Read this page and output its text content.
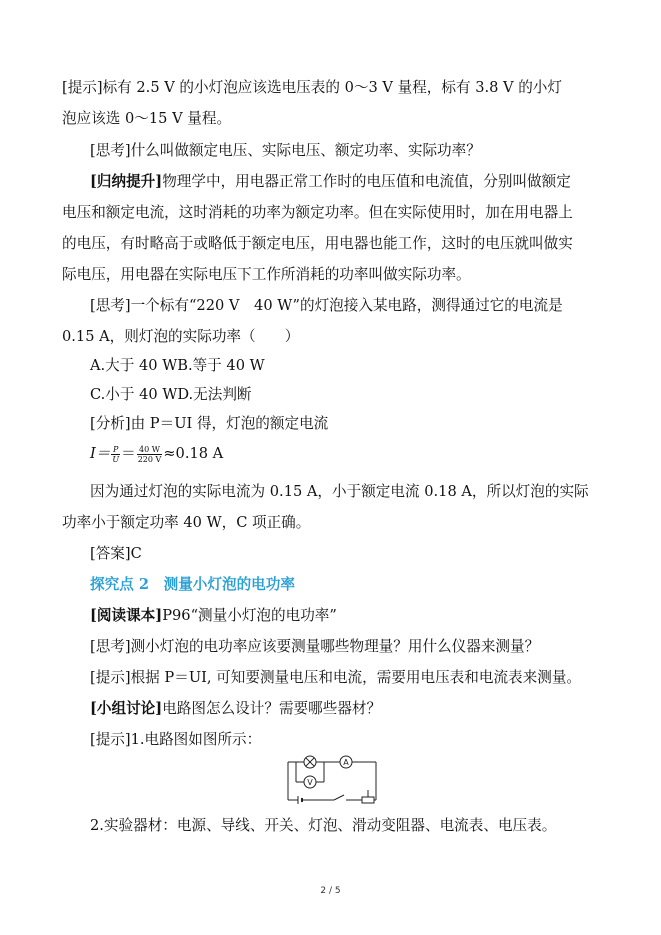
[提示]标有 2.5 V 的小灯泡应该选电压表的 0～3 V 量程，标有 3.8 V 的小灯
泡应该选 0～15 V 量程。
[思考]什么叫做额定电压、实际电压、额定功率、实际功率？
[归纳提升]物理学中，用电器正常工作时的电压值和电流值，分别叫做额定
电压和额定电流，这时消耗的功率为额定功率。但在实际使用时，加在用电器上
的电压，有时略高于或略低于额定电压，用电器也能工作，这时的电压就叫做实
际电压，用电器在实际电压下工作所消耗的功率叫做实际功率。
[思考]一个标有“220 V　40 W”的灯泡接入某电路，测得通过它的电流是
0.15 A，则灯泡的实际功率（　　）
A.大于 40 WB.等于 40 W
C.小于 40 WD.无法判断
[分析]由 P＝UI 得，灯泡的额定电流
$I= \frac{P}{U} = \frac{40 W}{220 V} \approx 0.18$ A
因为通过灯泡的实际电流为 0.15 A，小于额定电流 0.18 A，所以灯泡的实际
功率小于额定功率 40 W，C 项正确。
[答案]C
探究点 2　测量小灯泡的电功率
[阅读课本]P96“测量小灯泡的电功率”
[思考]测小灯泡的电功率应该要测量哪些物理量？用什么仪器来测量？
[提示]根据 P＝UI, 可知要测量电压和电流，需要用电压表和电流表来测量。
[小组讨论]电路图怎么设计？需要哪些器材？
[提示]1.电路图如图所示：
A
V
2.实验器材：电源、导线、开关、灯泡、滑动变阻器、电流表、电压表。
2 / 5
